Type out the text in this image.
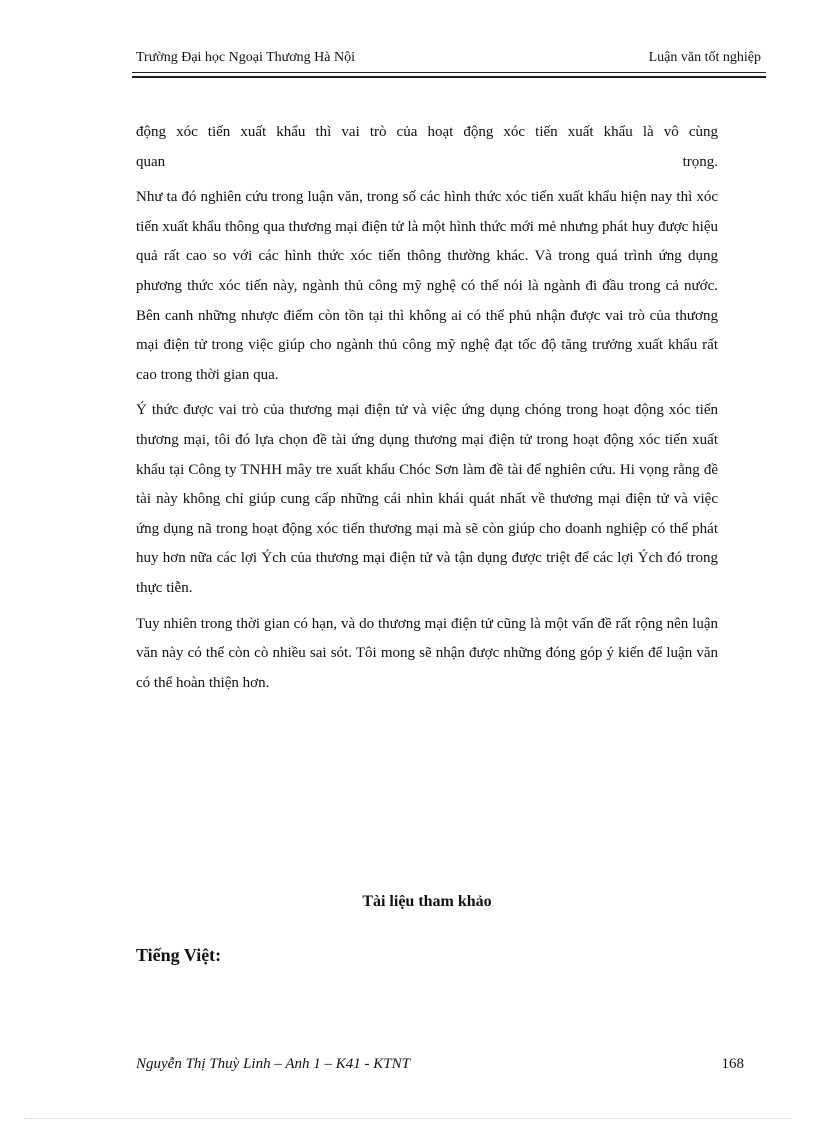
Trường Đại học Ngoại Thương Hà Nội	Luận văn tốt nghiệp

động xóc tiến xuất khẩu thì vai trò của hoạt động xóc tiến xuất khẩu là vô cùng

quan trọng.

Như ta đó nghiên cứu trong luận văn, trong số các hình thức xóc tiến xuất khẩu hiện nay thì xóc tiến xuất khẩu thông qua thương mại điện tử là một hình thức mới mẻ nhưng phát huy được hiệu quả rất cao so với các hình thức xóc tiến thông thường khác. Và trong quá trình ứng dụng phương thức xóc tiến này, ngành thủ công mỹ nghệ có thể nói là ngành đi đầu trong cả nước. Bên canh những nhược điểm còn tồn tại thì không ai có thể phủ nhận được vai trò của thương mại điện tử trong việc giúp cho ngành thủ công mỹ nghệ đạt tốc độ tăng trưởng xuất khẩu rất cao trong thời gian qua.

Ý thức được vai trò của thương mại điện tử và việc ứng dụng chóng trong hoạt động xóc tiến thương mại, tôi đó lựa chọn đề tài ứng dụng thương mại điện tử trong hoạt động xóc tiến xuất khẩu tại Công ty TNHH mây tre xuất khẩu Chóc Sơn làm đề tài để nghiên cứu. Hi vọng rằng đề tài này không chỉ giúp cung cấp những cái nhìn khái quát nhất về thương mại điện tử và việc ứng dụng nã trong hoạt động xóc tiến thương mại mà sẽ còn giúp cho doanh nghiệp có thể phát huy hơn nữa các lợi Ých của thương mại điện tử và tận dụng được triệt để các lợi Ých đó trong thực tiễn.

Tuy nhiên trong thời gian có hạn, và do thương mại điện tử cũng là một vấn đề rất rộng nên luận văn này có thể còn cò nhiều sai sót. Tôi mong sẽ nhận được những đóng góp ý kiến để luận văn có thể hoàn thiện hơn.

Tài liệu tham khảo
Tiếng Việt:
Nguyễn Thị Thuỳ Linh – Anh 1 – K41 - KTNT	168
